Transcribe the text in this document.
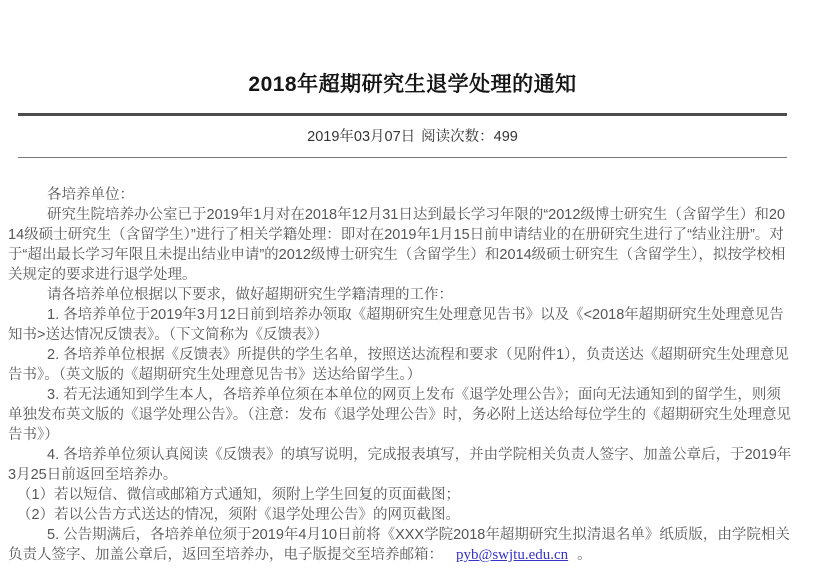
2018年超期研究生退学处理的通知
2019年03月07日 阅读次数：499

各培养单位：

研究生院培养办公室已于2019年1月对在2018年12月31日达到最长学习年限的“2012级博士研究生（含留学生）和2014级硕士研究生（含留学生）”进行了相关学籍处理：即对在2019年1月15日前申请结业的在册研究生进行了“结业注册”。对于“超出最长学习年限且未提出结业申请”的2012级博士研究生（含留学生）和2014级硕士研究生（含留学生），拟按学校相关规定的要求进行退学处理。

请各培养单位根据以下要求，做好超期研究生学籍清理的工作：

1. 各培养单位于2019年3月12日前到培养办领取《超期研究生处理意见告书》以及《<2018年超期研究生处理意见告知书>送达情况反馈表》。（下文简称为《反馈表》）

2. 各培养单位根据《反馈表》所提供的学生名单，按照送达流程和要求（见附件1），负责送达《超期研究生处理意见告书》。（英文版的《超期研究生处理意见告书》送达给留学生。）

3. 若无法通知到学生本人，各培养单位须在本单位的网页上发布《退学处理公告》；面向无法通知到的留学生，则须单独发布英文版的《退学处理公告》。（注意：发布《退学处理公告》时，务必附上送达给每位学生的《超期研究生处理意见告书》）

4. 各培养单位须认真阅读《反馈表》的填写说明，完成报表填写，并由学院相关负责人签字、加盖公章后，于2019年 3月25日前返回至培养办。

（1）若以短信、微信或邮箱方式通知，须附上学生回复的页面截图；

（2）若以公告方式送达的情况，须附《退学处理公告》的网页截图。

5. 公告期满后，各培养单位须于2019年4月10日前将《XXX学院2018年超期研究生拟清退名单》纸质版，由学院相关负责人签字、加盖公章后，返回至培养办，电子版提交至培养邮箱： pyb@swjtu.edu.cn 。
